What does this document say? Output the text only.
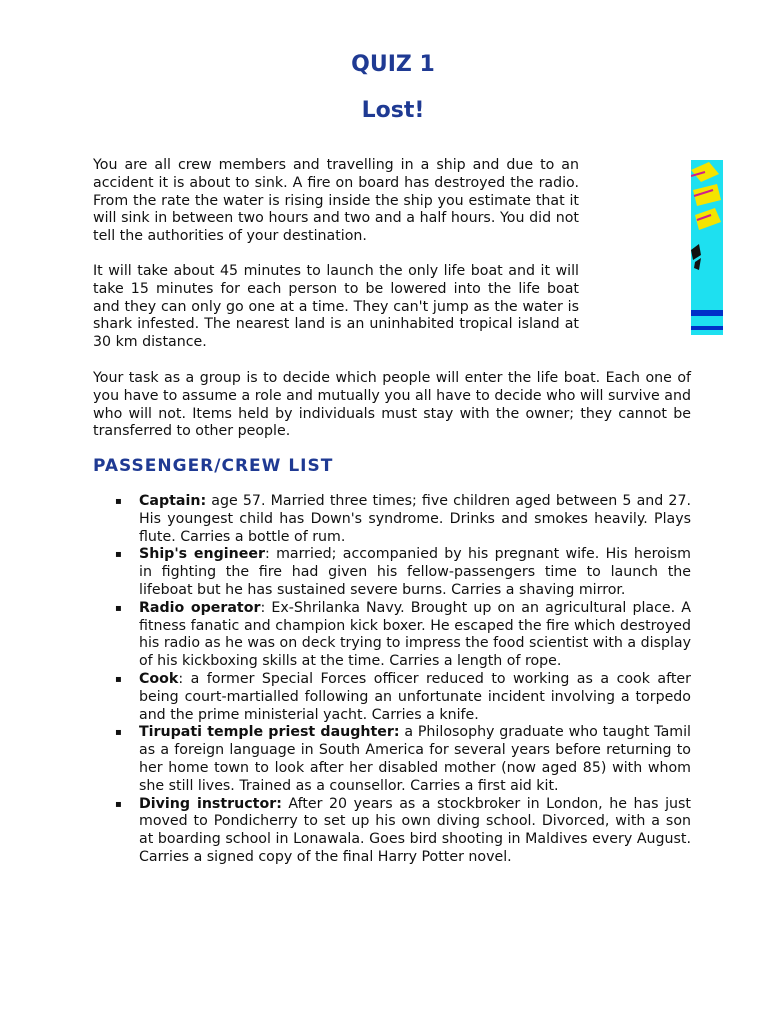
QUIZ 1
Lost!

You are all crew members and travelling in a ship and due to an accident it is about to sink. A fire on board has destroyed the radio. From the rate the water is rising inside the ship you estimate that it will sink in between two hours and two and a half hours. You did not tell the authorities of your destination.

It will take about 45 minutes to launch the only life boat and it will take 15 minutes for each person to be lowered into the life boat and they can only go one at a time. They can't jump as the water is shark infested. The nearest land is an uninhabited tropical island at 30 km distance.

Your task as a group is to decide which people will enter the life boat. Each one of you have to assume a role and mutually you all have to decide who will survive and who will not. Items held by individuals must stay with the owner; they cannot be transferred to other people.

PASSENGER/CREW LIST
▪ Captain: age 57. Married three times; five children aged between 5 and 27. His youngest child has Down's syndrome. Drinks and smokes heavily. Plays flute. Carries a bottle of rum.
▪ Ship's engineer: married; accompanied by his pregnant wife. His heroism in fighting the fire had given his fellow-passengers time to launch the lifeboat but he has sustained severe burns. Carries a shaving mirror.
▪ Radio operator: Ex-Shrilanka Navy. Brought up on an agricultural place. A fitness fanatic and champion kick boxer. He escaped the fire which destroyed his radio as he was on deck trying to impress the food scientist with a display of his kickboxing skills at the time. Carries a length of rope.
▪ Cook: a former Special Forces officer reduced to working as a cook after being court-martialled following an unfortunate incident involving a torpedo and the prime ministerial yacht. Carries a knife.
▪ Tirupati temple priest daughter: a Philosophy graduate who taught Tamil as a foreign language in South America for several years before returning to her home town to look after her disabled mother (now aged 85) with whom she still lives. Trained as a counsellor. Carries a first aid kit.
▪ Diving instructor: After 20 years as a stockbroker in London, he has just moved to Pondicherry to set up his own diving school. Divorced, with a son at boarding school in Lonawala. Goes bird shooting in Maldives every August. Carries a signed copy of the final Harry Potter novel.
